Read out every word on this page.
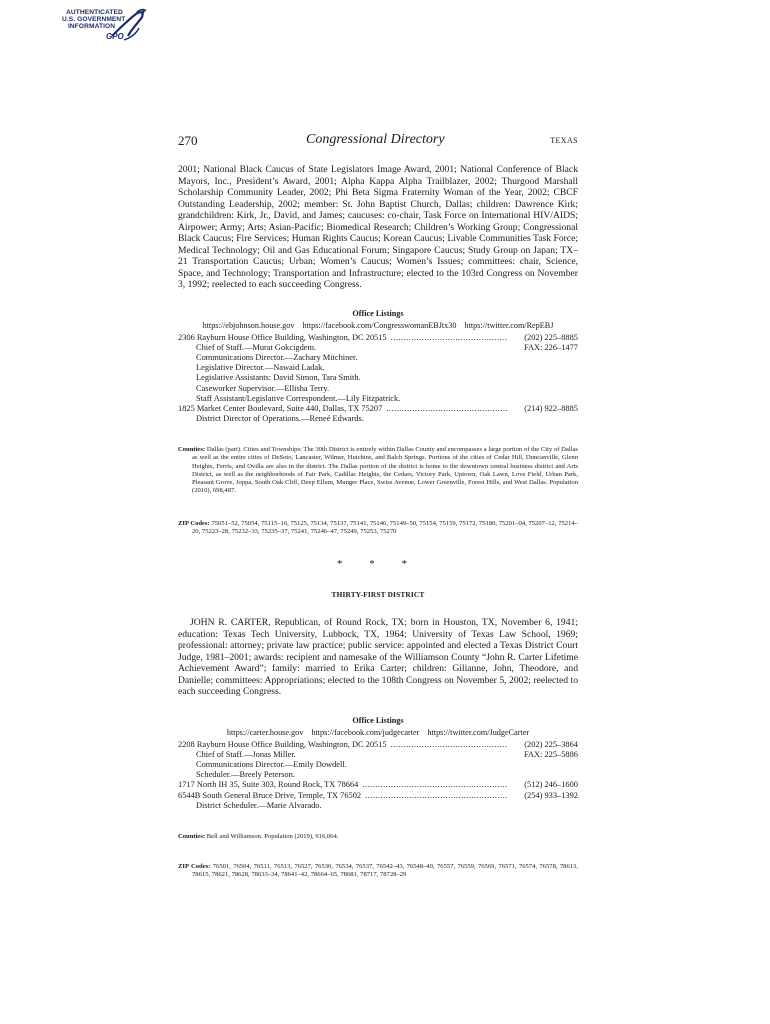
AUTHENTICATED
U.S. GOVERNMENT
INFORMATION
GPO
270	Congressional Directory	TEXAS

2001; National Black Caucus of State Legislators Image Award, 2001; National Conference of Black Mayors, Inc., President’s Award, 2001; Alpha Kappa Alpha Trailblazer, 2002; Thurgood Marshall Scholarship Community Leader, 2002; Phi Beta Sigma Fraternity Woman of the Year, 2002; CBCF Outstanding Leadership, 2002; member: St. John Baptist Church, Dallas; children: Dawrence Kirk; grandchildren: Kirk, Jr., David, and James; caucuses: co-chair, Task Force on International HIV/AIDS; Airpower; Army; Arts; Asian-Pacific; Biomedical Research; Children’s Working Group; Congressional Black Caucus; Fire Services; Human Rights Caucus; Korean Caucus; Livable Communities Task Force; Medical Technology; Oil and Gas Educational Forum; Singapore Caucus; Study Group on Japan; TX–21 Transportation Caucus; Urban; Women’s Caucus; Women’s Issues; committees: chair, Science, Space, and Technology; Transportation and Infrastructure; elected to the 103rd Congress on November 3, 1992; reelected to each succeeding Congress.

Office Listings

https://ebjohnson.house.gov https://facebook.com/CongresswomanEBJtx30 https://twitter.com/RepEBJ
2306 Rayburn House Office Building, Washington, DC 20515 .....	(202) 225–8885
Chief of Staff.—Murat Gokcigdem.	FAX: 226–1477
Communications Director.—Zachary Mitchiner.
Legislative Director.—Nawaid Ladak.
Legislative Assistants: David Simon, Tara Smith.
Caseworker Supervisor.—Ellisha Terry.
Staff Assistant/Legislative Correspondent.—Lily Fitzpatrick.
1825 Market Center Boulevard, Suite 440, Dallas, TX 75207 .....	(214) 922–8885
District Director of Operations.—Reneé Edwards.

Counties: Dallas (part). Cities and Townships: The 30th District is entirely within Dallas County and encompasses a large portion of the City of Dallas as well as the entire cities of DeSoto, Lancaster, Wilmer, Hutchins, and Balch Springs. Portions of the cities of Cedar Hill, Duncanville, Glenn Heights, Ferris, and Ovilla are also in the district. The Dallas portion of the district is home to the downtown central business district and Arts District, as well as the neighborhoods of Fair Park, Cadillac Heights, the Cedars, Victory Park, Uptown, Oak Lawn, Love Field, Urban Park, Pleasant Grove, Joppa, South Oak Cliff, Deep Ellum, Munger Place, Swiss Avenue, Lower Greenville, Forest Hills, and West Dallas. Population (2010), 698,487.

ZIP Codes: 75051–52, 75054, 75115–16, 75125, 75134, 75137, 75141, 75146, 75149–50, 75154, 75159, 75172, 75180, 75201–04, 75207–12, 75214–20, 75223–28, 75232–33, 75235–37, 75241, 75246–47, 75249, 75253, 75270

* * *
THIRTY-FIRST DISTRICT

JOHN R. CARTER, Republican, of Round Rock, TX; born in Houston, TX, November 6, 1941; education: Texas Tech University, Lubbock, TX, 1964; University of Texas Law School, 1969; professional: attorney; private law practice; public service: appointed and elected a Texas District Court Judge, 1981–2001; awards: recipient and namesake of the Williamson County “John R. Carter Lifetime Achievement Award”; family: married to Erika Carter; children: Gilianne, John, Theodore, and Danielle; committees: Appropriations; elected to the 108th Congress on November 5, 2002; reelected to each succeeding Congress.

Office Listings

https://carter.house.gov https://facebook.com/judgecarter https://twitter.com/JudgeCarter
2208 Rayburn House Office Building, Washington, DC 20515 .....	(202) 225–3864
Chief of Staff.—Jonas Miller.	FAX: 225–5886
Communications Director.—Emily Dowdell.
Scheduler.—Breely Peterson.
1717 North IH 35, Suite 303, Round Rock, TX 78664 .....	(512) 246–1600
6544B South General Bruce Drive, Temple, TX 76502 .....	(254) 933–1392
District Scheduler.—Marie Alvarado.

Counties: Bell and Williamson. Population (2019), 916,064.

ZIP Codes: 76501, 76504, 76511, 76513, 76527, 76530, 76534, 76537, 76542–43, 76548–49, 76557, 76559, 76569, 76571, 76574, 76578, 78613, 78615, 78621, 78628, 78633–34, 78641–42, 78664–65, 78681, 78717, 78728–29
